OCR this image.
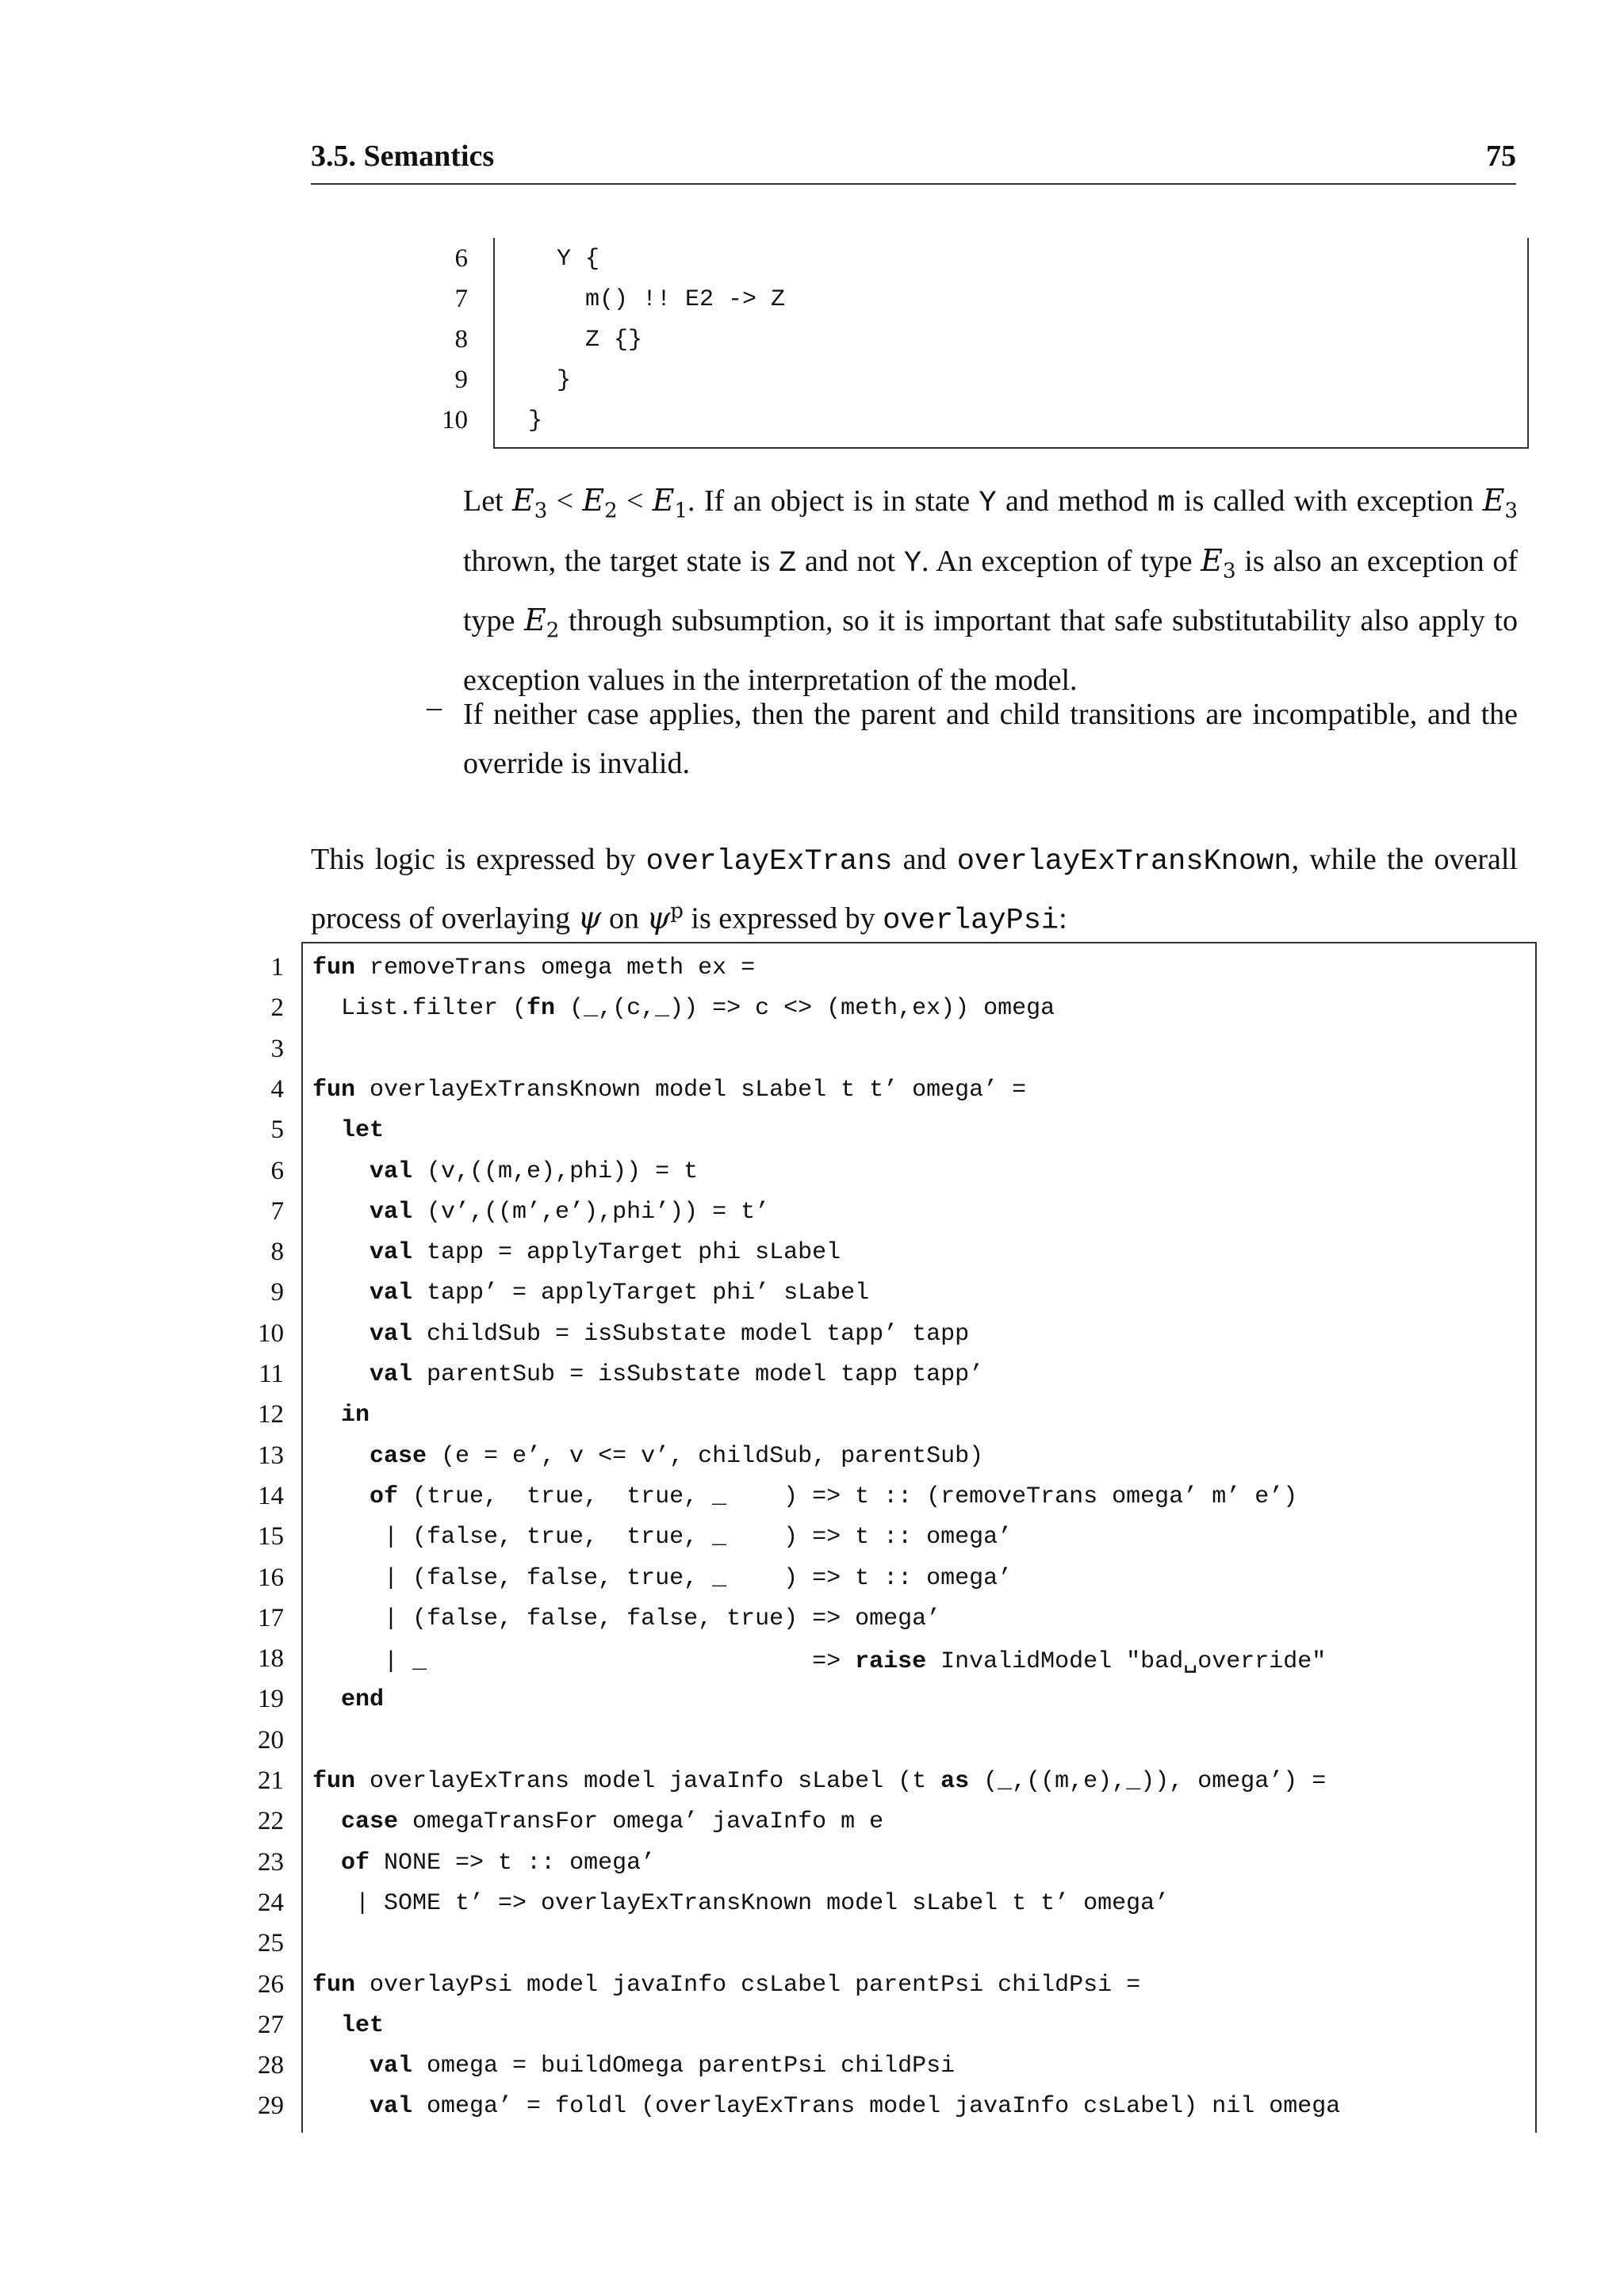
3.5. Semantics	75
6 Y {
7 m() !! E2 -> Z
8 Z {}
9 }
10 }
Let $E_3 < E_2 < E_1$. If an object is in state Y and method m is called with exception $E_3$ thrown, the target state is Z and not Y. An exception of type $E_3$ is also an exception of type $E_2$ through subsumption, so it is important that safe substitutability also apply to exception values in the interpretation of the model.
– If neither case applies, then the parent and child transitions are incompatible, and the override is invalid.
This logic is expressed by overlayExTrans and overlayExTransKnown, while the overall process of overlaying ψ on $\psi^p$ is expressed by overlayPsi:
1 fun removeTrans omega meth ex =
2 List.filter (fn (_,(c,_)) => c <> (meth,ex)) omega
3
4 fun overlayExTransKnown model sLabel t t’ omega’ =
5	let
6	val (v,((m,e),phi)) = t
7	val (v’,((m’,e’),phi’)) = t’
8	val tapp = applyTarget phi sLabel
9	val tapp’ = applyTarget phi’ sLabel
10	val childSub = isSubstate model tapp’ tapp
11	val parentSub = isSubstate model tapp tapp’
12	in
13	case (e = e’, v <= v’, childSub, parentSub)
14	of (true,  true,  true, _    ) => t :: (removeTrans omega’ m’ e’)
15 | (false, true,  true, _    ) => t :: omega’
16 | (false, false, true, _    ) => t :: omega’
17 | (false, false, false, true) => omega’
18 | _                           => raise InvalidModel "bad␣override"
19	end
20
21 fun overlayExTrans model javaInfo sLabel (t as (_,((m,e),_)), omega’) =
22	case omegaTransFor omega’ javaInfo m e
23	of NONE => t :: omega’
24 | SOME t’ => overlayExTransKnown model sLabel t t’ omega’
25
26 fun overlayPsi model javaInfo csLabel parentPsi childPsi =
27	let
28	val omega = buildOmega parentPsi childPsi
29	val omega’ = foldl (overlayExTrans model javaInfo csLabel) nil omega
